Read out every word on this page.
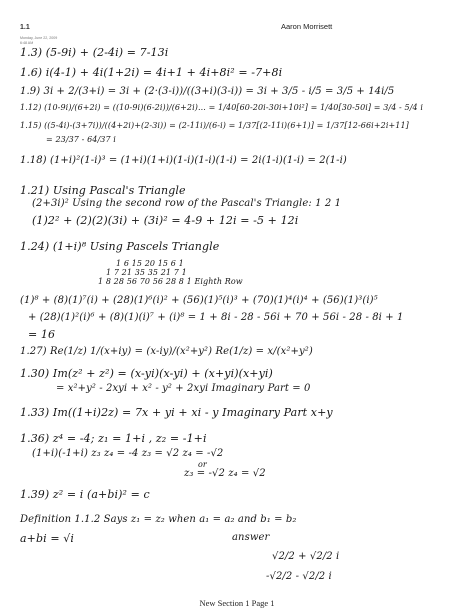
1.1	Aaron Morrisett
Monday, June 22, 2009
6:48 AM
1.3) (5-9i) + (2-4i) = 7-13i
1.6) i(4-1) + 4i(1+2i) = 4i+1 + 4i+8i² = -7+8i
1.9) 3i + 2/(3+i) = 3i + (2·(3-i))/((3+i)(3-i)) = 3i + 3/5 - i/5 = 3/5 + 14i/5
1.12) (10-9i)/(6+2i) = ((10-9i)(6-2i))/(6+2i)... = 1/40[60-20i-30i+10i²] = 1/40[30-50i] = 3/4 - 5/4 i
1.15) ((5-4i)-(3+7i))/((4+2i)+(2-3i)) = (2-11i)/(6-i) = 1/37[(2-11i)(6+1)] = 1/37[12-66i+2i+11]
= 23/37 - 64/37 i
1.18) (1+i)²(1-i)³ = (1+i)(1+i)(1-i)(1-i)(1-i) = 2i(1-i)(1-i) = 2(1-i)
1.21) Using Pascal's Triangle
(2+3i)² Using the second row of the Pascal's Triangle: 1 2 1
(1)2² + (2)(2)(3i) + (3i)² = 4-9 + 12i = -5 + 12i
1.24) (1+i)⁸ Using Pascels Triangle
1 6 15 20 15 6 1
1 7 21 35 35 21 7 1
1 8 28 56 70 56 28 8 1 Eighth Row
(1)⁸ + (8)(1)⁷(i) + (28)(1)⁶(i)² + (56)(1)⁵(i)³ + (70)(1)⁴(i)⁴ + (56)(1)³(i)⁵
+ (28)(1)²(i)⁶ + (8)(1)(i)⁷ + (i)⁸ = 1 + 8i - 28 - 56i + 70 + 56i - 28 - 8i + 1
= 16
1.27) Re(1/z) 1/(x+iy) = (x-iy)/(x²+y²) Re(1/z) = x/(x²+y²)
1.30) Im(z² + z²) = (x-yi)(x-yi) + (x+yi)(x+yi)
= x²+y² - 2xyi + x² - y² + 2xyi Imaginary Part = 0
1.33) Im((1+i)2z) = 7x + yi + xi - y Imaginary Part x+y
1.36) z⁴ = -4; z₁ = 1+i , z₂ = -1+i
(1+i)(-1+i) z₃ z₄ = -4 z₃ = √2 z₄ = -√2
or
z₃ = -√2 z₄ = √2
1.39) z² = i (a+bi)² = c
Definition 1.1.2 Says z₁ = z₂ when a₁ = a₂ and b₁ = b₂
a+bi = √i	answer
√2/2 + √2/2 i
-√2/2 - √2/2 i
New Section 1 Page 1
